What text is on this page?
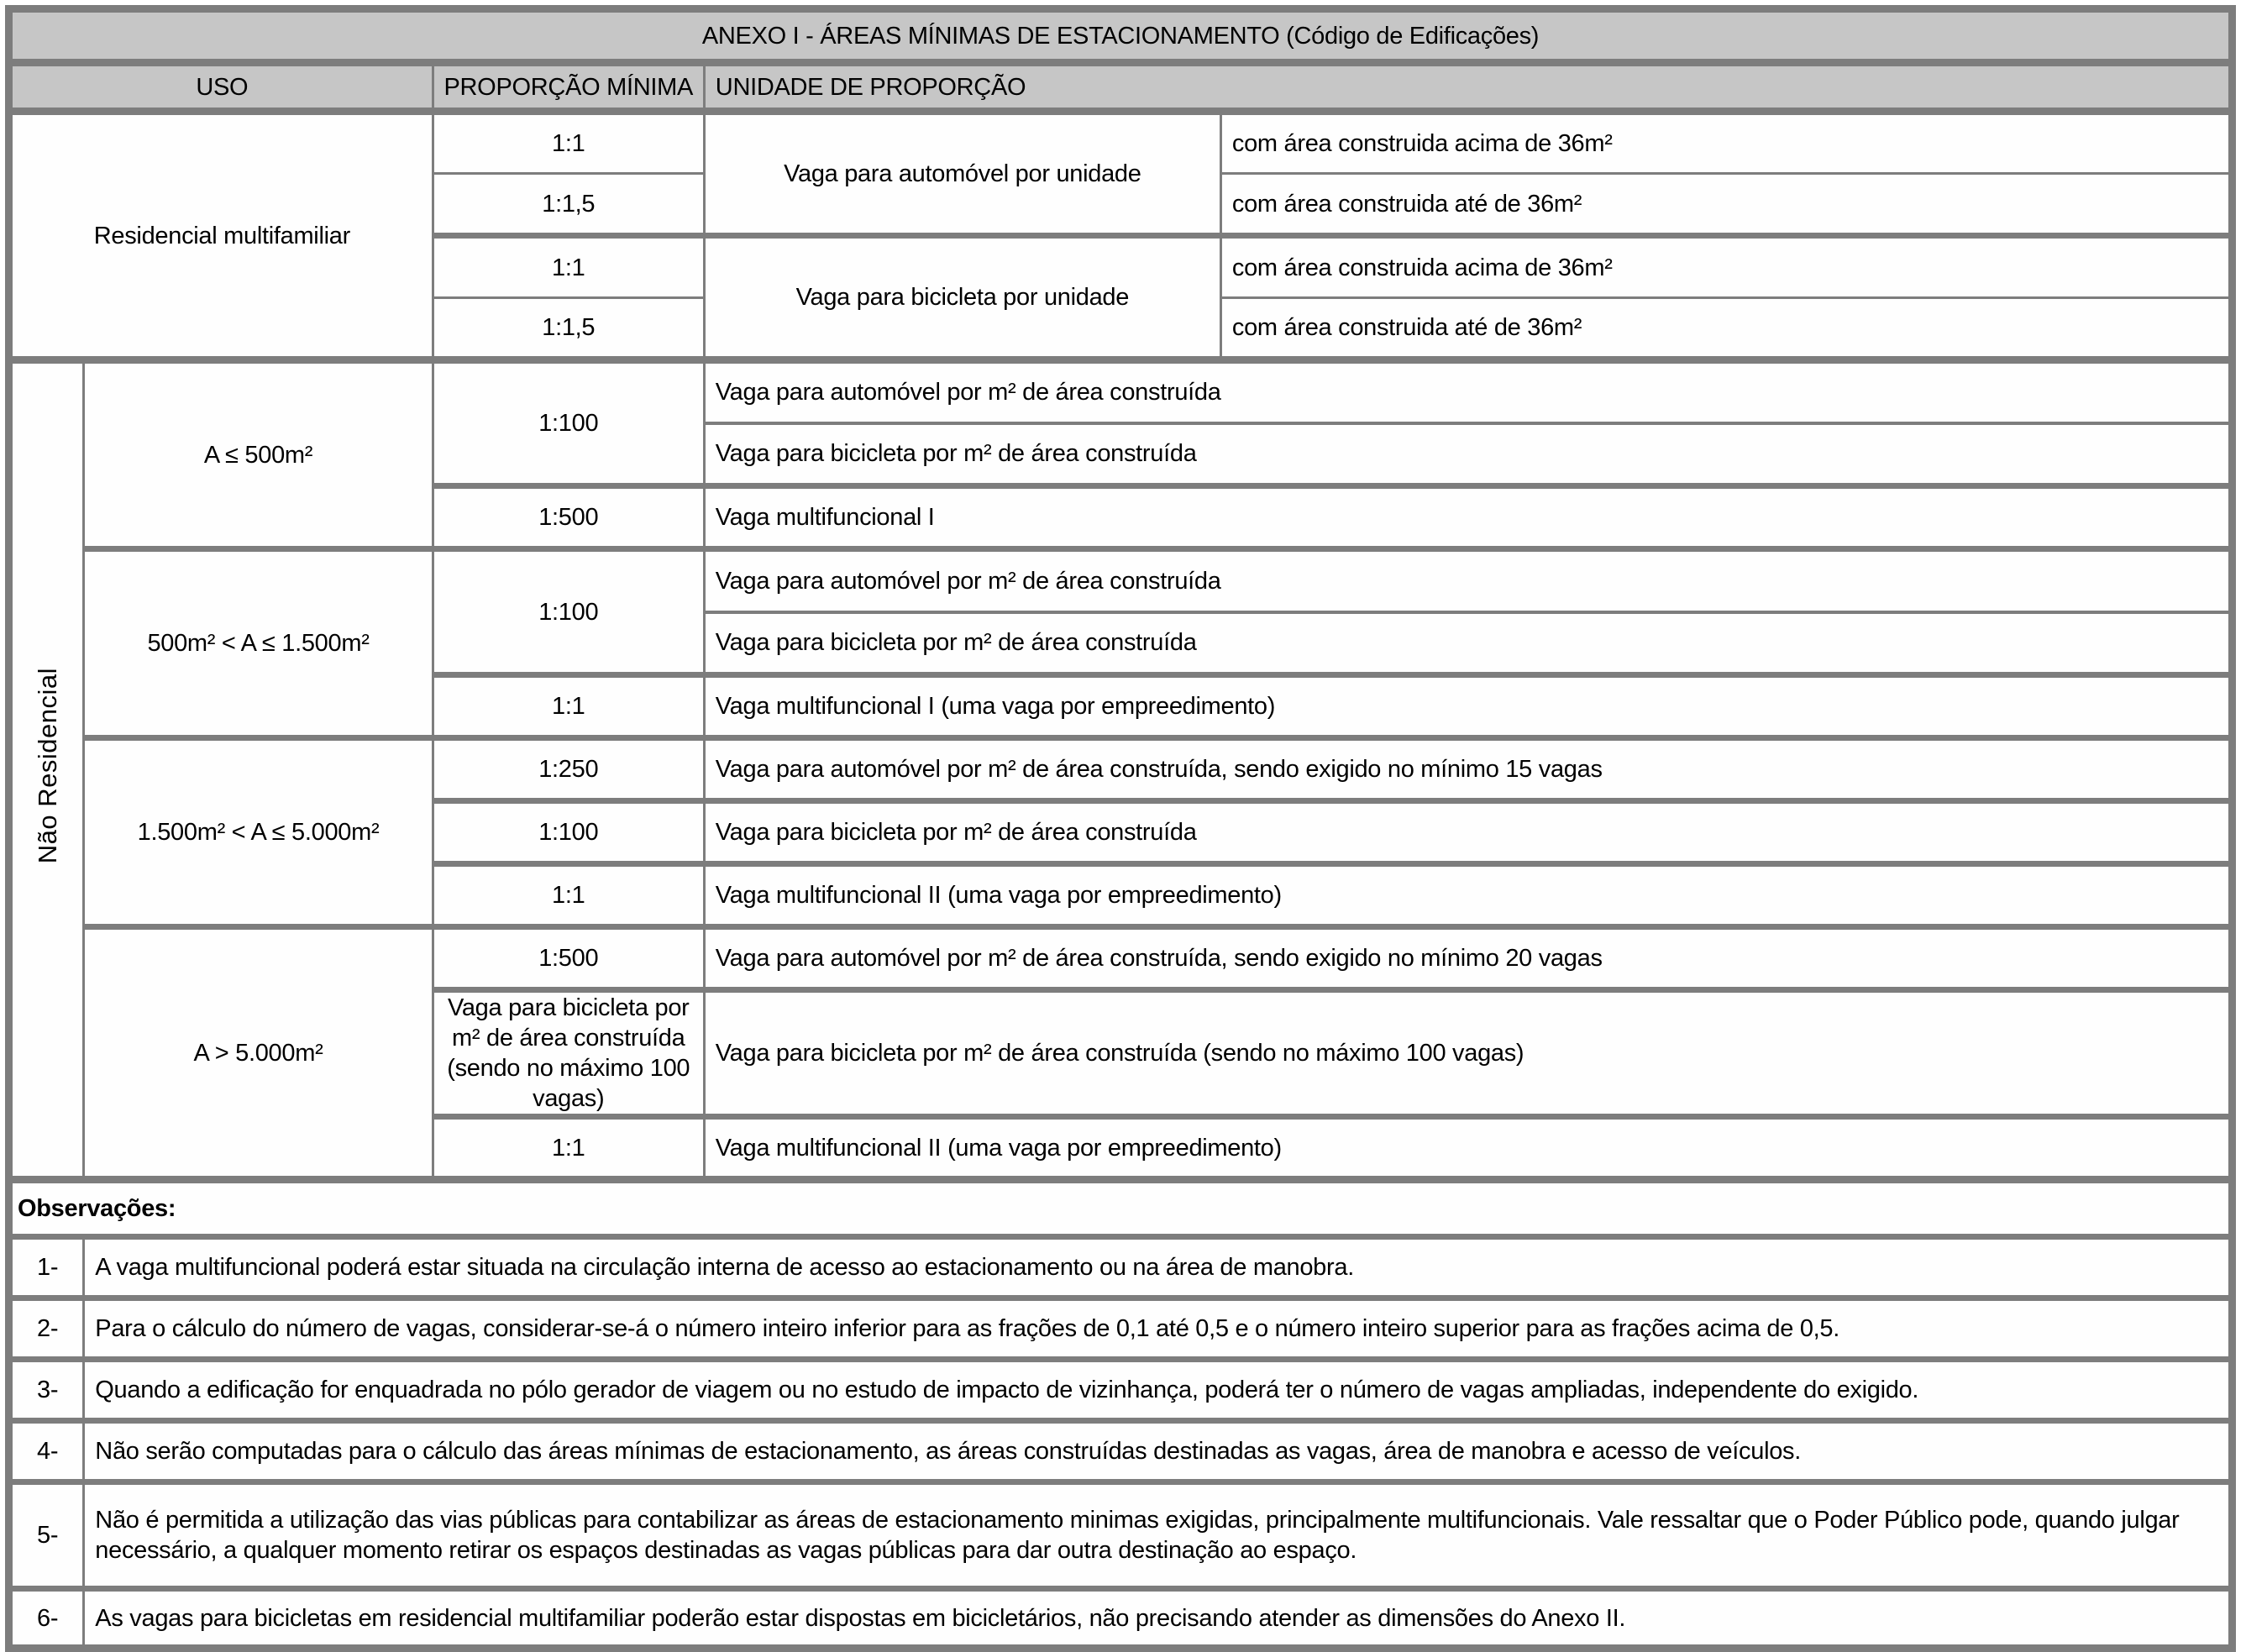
ANEXO I - ÁREAS MÍNIMAS DE ESTACIONAMENTO (Código de Edificações)				
USO		PROPORÇÃO MÍNIMA	UNIDADE DE PROPORÇÃO	
Residencial multifamiliar		1:1	Vaga para automóvel por unidade	com área construida acima de 36m²
		1:1,5		com área construida até de 36m²
		1:1	Vaga para bicicleta por unidade	com área construida acima de 36m²
		1:1,5		com área construida até de 36m²
Não Residencial	A ≤ 500m²	1:100	Vaga para automóvel por m² de área construída	
			Vaga para bicicleta por m² de área construída	
		1:500	Vaga multifuncional I	
	500m² < A ≤ 1.500m²	1:100	Vaga para automóvel por m² de área construída	
			Vaga para bicicleta por m² de área construída	
		1:1	Vaga multifuncional I (uma vaga por empreedimento)	
	1.500m² < A ≤ 5.000m²	1:250	Vaga para automóvel por m² de área construída, sendo exigido no mínimo 15 vagas	
		1:100	Vaga para bicicleta por m² de área construída	
		1:1	Vaga multifuncional II (uma vaga por empreedimento)	
	A > 5.000m²	1:500	Vaga para automóvel por m² de área construída, sendo exigido no mínimo 20 vagas	
		Vaga para bicicleta por m² de área construída (sendo no máximo 100 vagas)	Vaga para bicicleta por m² de área construída (sendo no máximo 100 vagas)	
		1:1	Vaga multifuncional II (uma vaga por empreedimento)	
Observações:				
1-	A vaga multifuncional poderá estar situada na circulação interna de acesso ao estacionamento ou na área de manobra.			
2-	Para o cálculo do número de vagas, considerar-se-á o número inteiro inferior para as frações de 0,1 até 0,5 e o número inteiro superior para as frações acima de 0,5.			
3-	Quando a edificação for enquadrada no pólo gerador de viagem ou no estudo de impacto de vizinhança, poderá ter o número de vagas ampliadas, independente do exigido.			
4-	Não serão computadas para o cálculo das áreas mínimas de estacionamento, as áreas construídas destinadas as vagas, área de manobra e acesso de veículos.			
5-	Não é permitida a utilização das vias públicas para contabilizar as áreas de estacionamento minimas exigidas, principalmente multifuncionais. Vale ressaltar que o Poder Público pode, quando julgar necessário, a qualquer momento retirar os espaços destinadas as vagas públicas para dar outra destinação ao espaço.			
6-	As vagas para bicicletas em residencial multifamiliar poderão estar dispostas em bicicletários, não precisando atender as dimensões do Anexo II.			
